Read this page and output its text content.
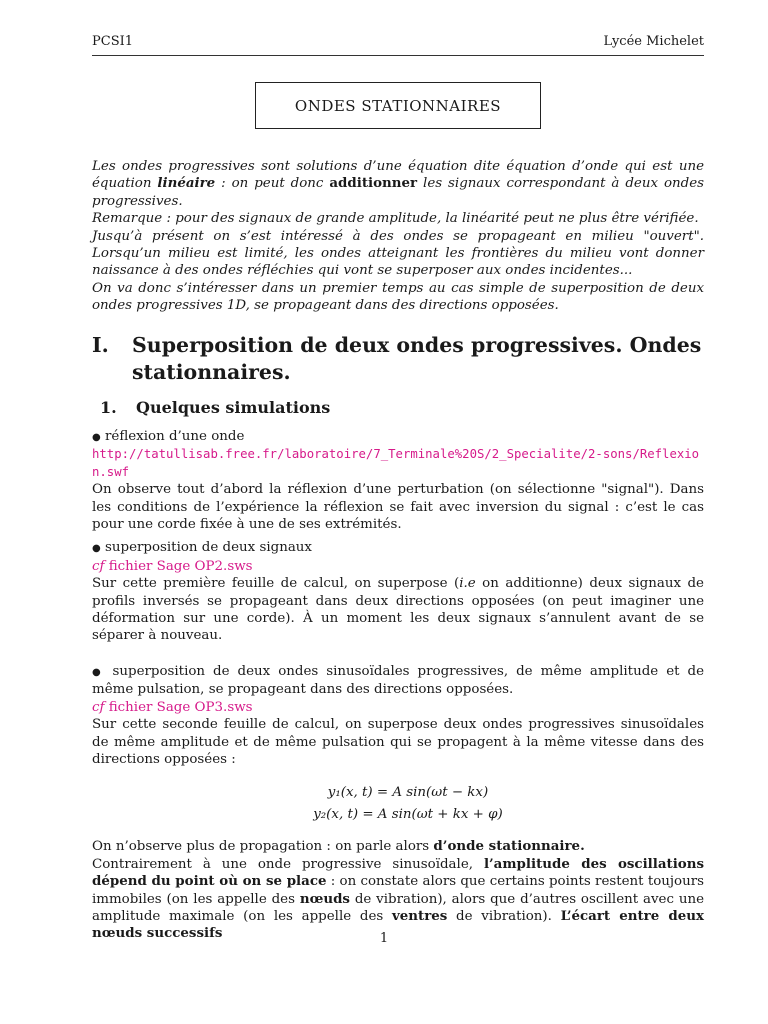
PCSI1	Lycée Michelet
ONDES STATIONNAIRES

Les ondes progressives sont solutions d’une équation dite équation d’onde qui est une équation linéaire : on peut donc additionner les signaux correspondant à deux ondes progressives.

Remarque : pour des signaux de grande amplitude, la linéarité peut ne plus être vérifiée.

Jusqu’à présent on s’est intéressé à des ondes se propageant en milieu "ouvert". Lorsqu’un milieu est limité, les ondes atteignant les frontières du milieu vont donner naissance à des ondes réfléchies qui vont se superposer aux ondes incidentes...

On va donc s’intéresser dans un premier temps au cas simple de superposition de deux ondes progressives 1D, se propageant dans des directions opposées.

I.	Superposition de deux ondes progressives. Ondes stationnaires.
1. Quelques simulations

● réflexion d’une onde

http://tatullisab.free.fr/laboratoire/7_Terminale%20S/2_Specialite/2-sons/Reflexion.swf

On observe tout d’abord la réflexion d’une perturbation (on sélectionne "signal"). Dans les conditions de l’expérience la réflexion se fait avec inversion du signal : c’est le cas pour une corde fixée à une de ses extrémités.

● superposition de deux signaux

cf fichier Sage OP2.sws

Sur cette première feuille de calcul, on superpose (i.e on additionne) deux signaux de profils inversés se propageant dans deux directions opposées (on peut imaginer une déformation sur une corde). À un moment les deux signaux s’annulent avant de se séparer à nouveau.

● superposition de deux ondes sinusoïdales progressives, de même amplitude et de même pulsation, se propageant dans des directions opposées.

cf fichier Sage OP3.sws

Sur cette seconde feuille de calcul, on superpose deux ondes progressives sinusoïdales de même amplitude et de même pulsation qui se propagent à la même vitesse dans des directions opposées :

y₁(x, t) = A sin(ωt − kx)
y₂(x, t) = A sin(ωt + kx + φ)

On n’observe plus de propagation : on parle alors d’onde stationnaire.

Contrairement à une onde progressive sinusoïdale, l’amplitude des oscillations dépend du point où on se place : on constate alors que certains points restent toujours immobiles (on les appelle des nœuds de vibration), alors que d’autres oscillent avec une amplitude maximale (on les appelle des ventres de vibration). L’écart entre deux nœuds successifs	1
